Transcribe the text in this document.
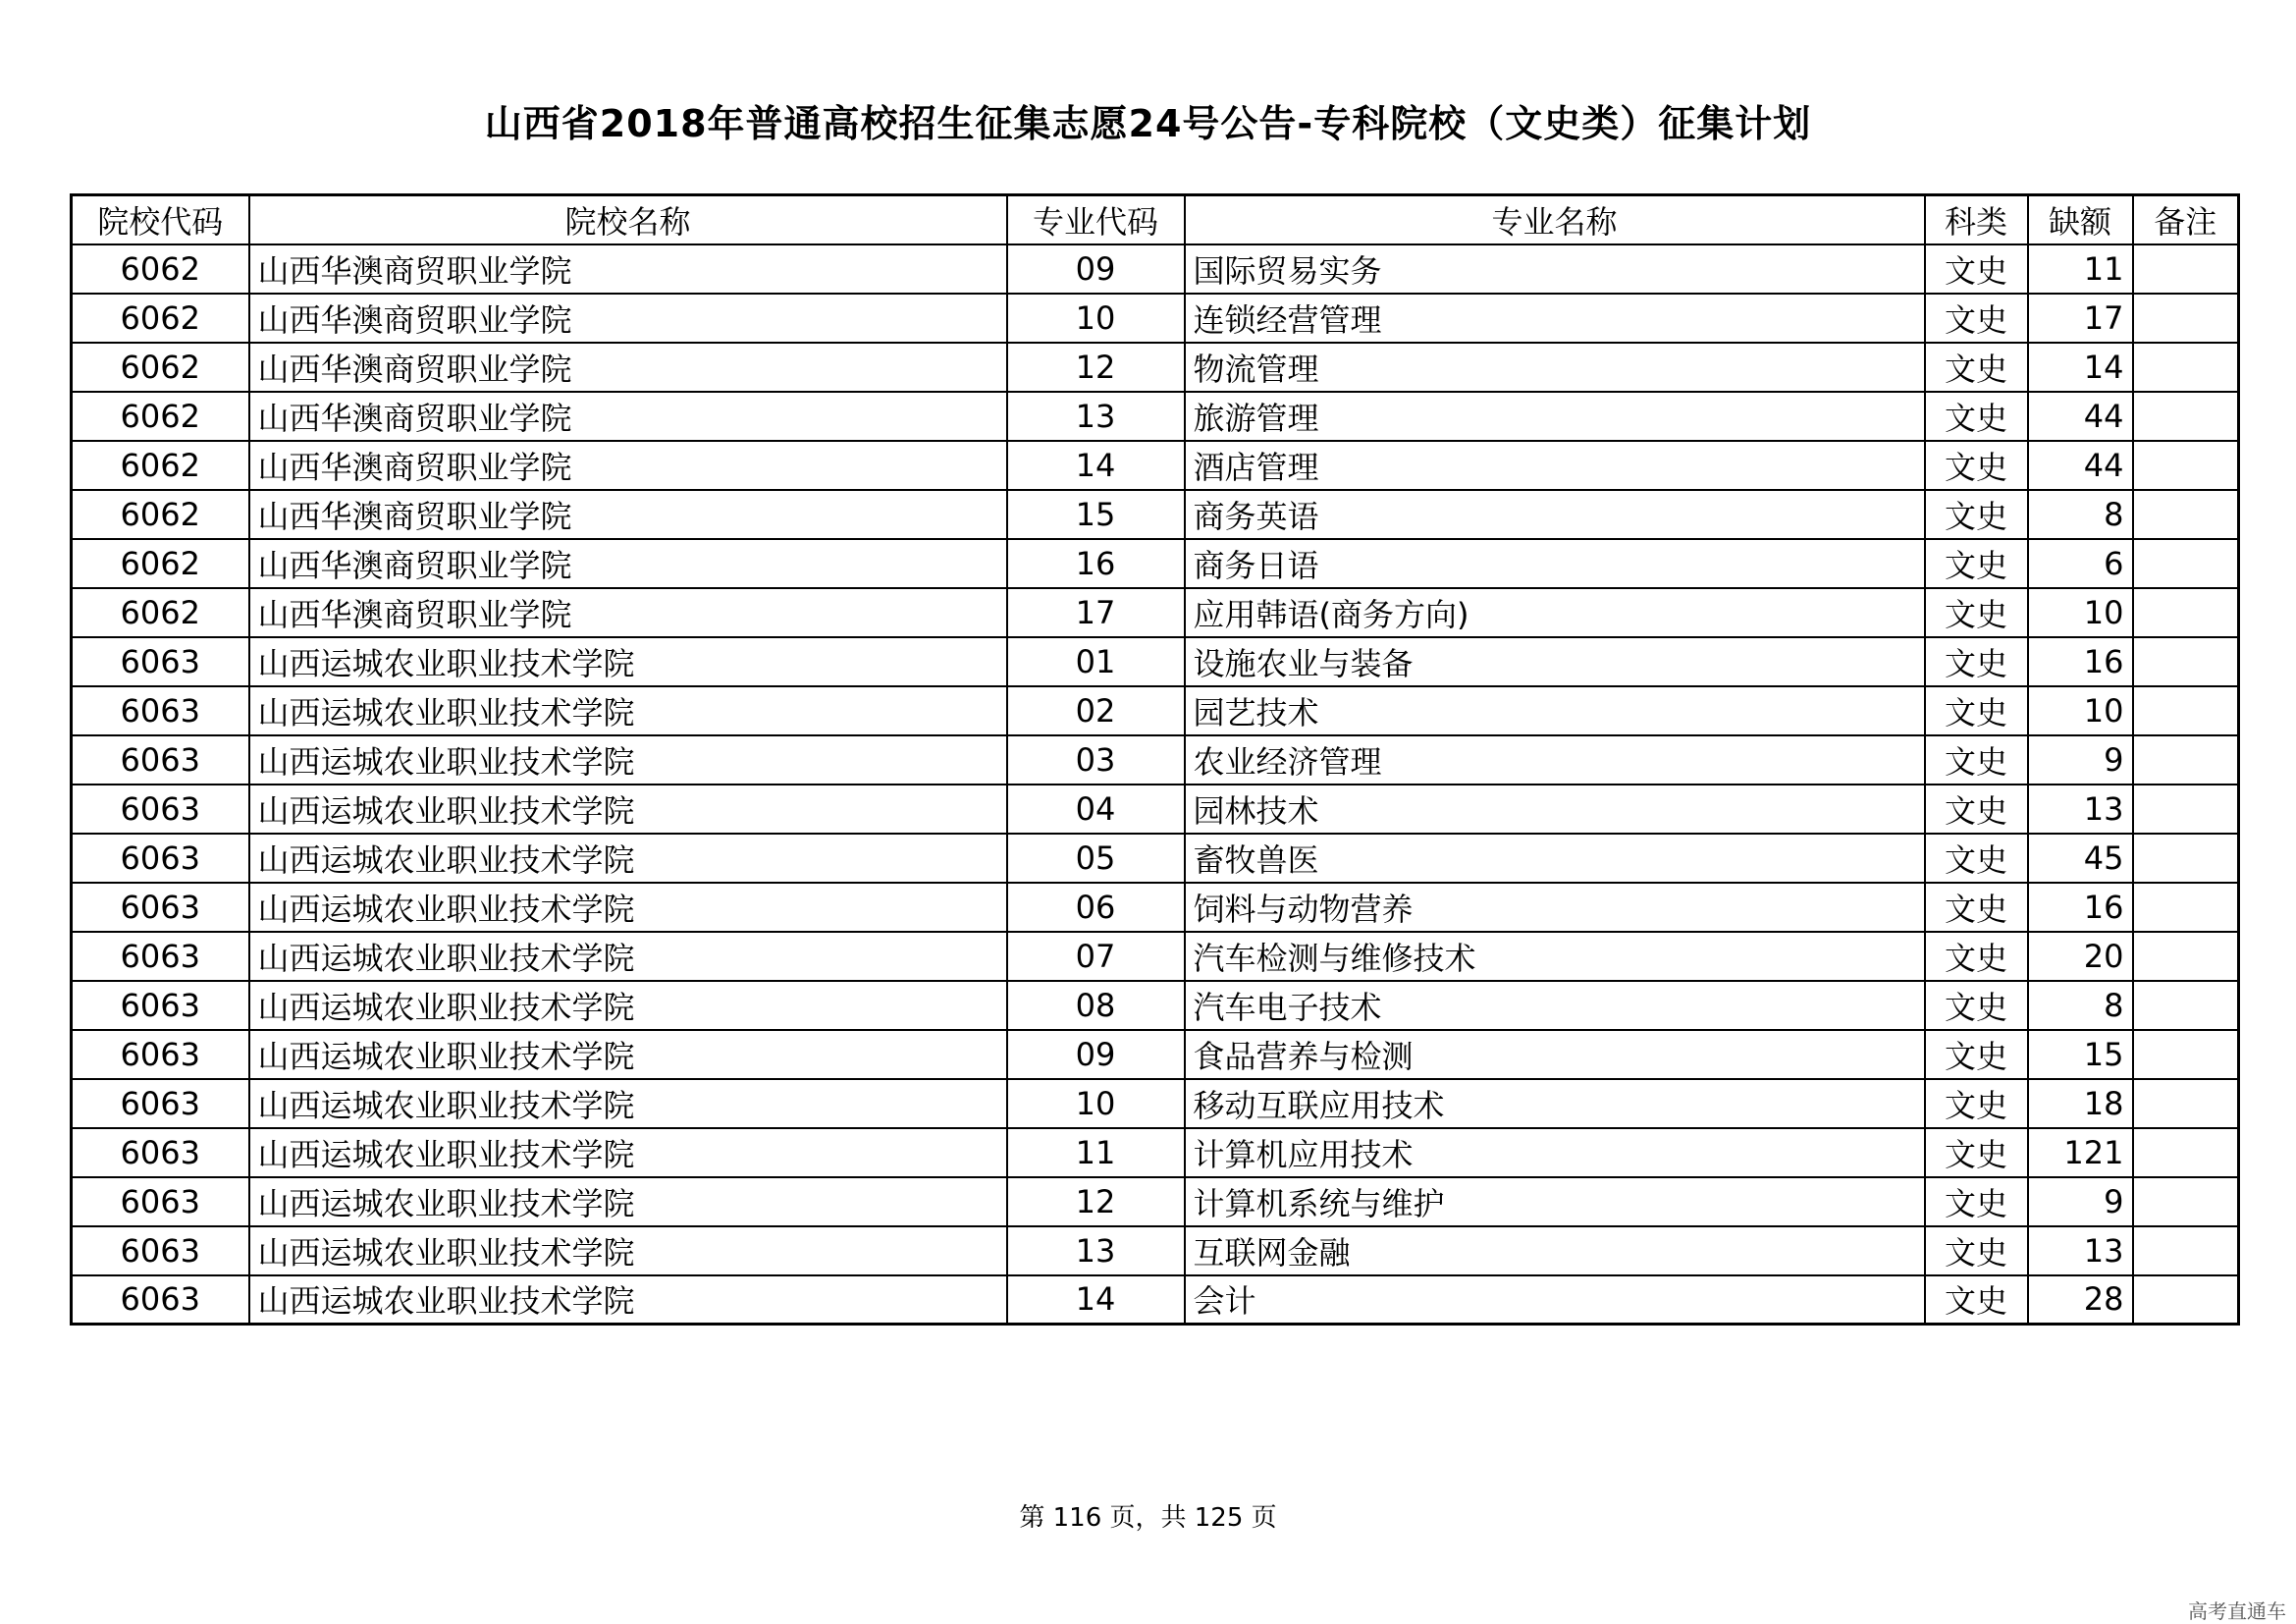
山西省2018年普通高校招生征集志愿24号公告-专科院校（文史类）征集计划
院校代码	院校名称	专业代码	专业名称	科类	缺额	备注
6062	山西华澳商贸职业学院	09	国际贸易实务	文史	11	
6062	山西华澳商贸职业学院	10	连锁经营管理	文史	17	
6062	山西华澳商贸职业学院	12	物流管理	文史	14	
6062	山西华澳商贸职业学院	13	旅游管理	文史	44	
6062	山西华澳商贸职业学院	14	酒店管理	文史	44	
6062	山西华澳商贸职业学院	15	商务英语	文史	8	
6062	山西华澳商贸职业学院	16	商务日语	文史	6	
6062	山西华澳商贸职业学院	17	应用韩语(商务方向)	文史	10	
6063	山西运城农业职业技术学院	01	设施农业与装备	文史	16	
6063	山西运城农业职业技术学院	02	园艺技术	文史	10	
6063	山西运城农业职业技术学院	03	农业经济管理	文史	9	
6063	山西运城农业职业技术学院	04	园林技术	文史	13	
6063	山西运城农业职业技术学院	05	畜牧兽医	文史	45	
6063	山西运城农业职业技术学院	06	饲料与动物营养	文史	16	
6063	山西运城农业职业技术学院	07	汽车检测与维修技术	文史	20	
6063	山西运城农业职业技术学院	08	汽车电子技术	文史	8	
6063	山西运城农业职业技术学院	09	食品营养与检测	文史	15	
6063	山西运城农业职业技术学院	10	移动互联应用技术	文史	18	
6063	山西运城农业职业技术学院	11	计算机应用技术	文史	121	
6063	山西运城农业职业技术学院	12	计算机系统与维护	文史	9	
6063	山西运城农业职业技术学院	13	互联网金融	文史	13	
6063	山西运城农业职业技术学院	14	会计	文史	28	
第 116 页，共 125 页
高考直通车
